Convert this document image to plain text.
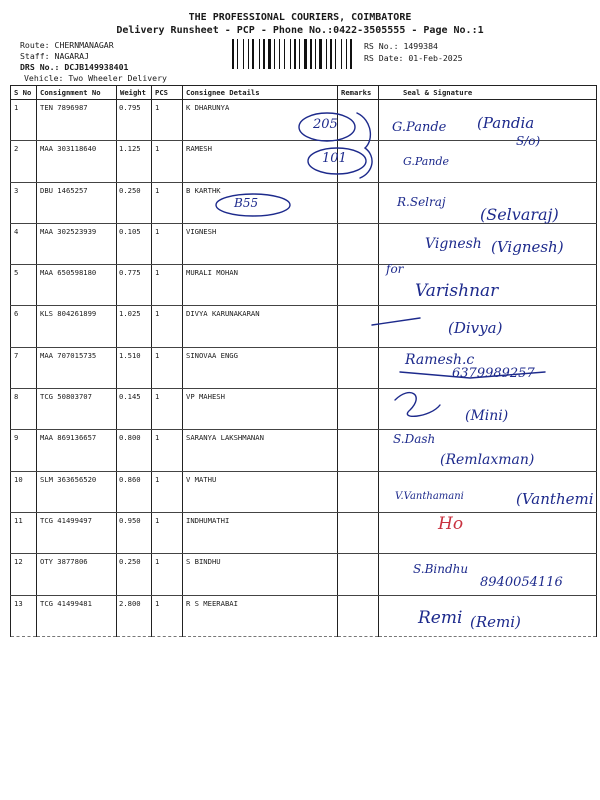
THE PROFESSIONAL COURIERS, COIMBATORE
Delivery Runsheet - PCP - Phone No.:0422-3505555 - Page No.:1
Route: CHERNMANAGAR
Staff: NAGARAJ
DRS No.: DCJB149938401
Vehicle: Two Wheeler Delivery
RS No.: 1499384
RS Date: 01-Feb-2025
S No	Consignment No	Weight	PCS	Consignee Details	Remarks	Seal & Signature
1	TEN 7896987	0.795	1	K DHARUNYA		
2	MAA 303118640	1.125	1	RAMESH		
3	DBU 1465257	0.250	1	B KARTHK		
4	MAA 302523939	0.105	1	VIGNESH		
5	MAA 650598180	0.775	1	MURALI MOHAN		
6	KLS 804261899	1.025	1	DIVYA KARUNAKARAN		
7	MAA 707015735	1.510	1	SINOVAA ENGG		
8	TCG 50803707	0.145	1	VP MAHESH		
9	MAA 869136657	0.800	1	SARANYA LAKSHMANAN		
10	SLM 363656520	0.860	1	V MATHU		
11	TCG 41499497	0.950	1	INDHUMATHI		
12	OTY 3877806	0.250	1	S BINDHU		
13	TCG 41499481	2.800	1	R S MEERABAI		
205
101
B55
G.Pande (Pandia
S/o)
G.Pande
R.Selraj
(Selvaraj)
Vignesh (Vignesh)
for
Varishnar
(Divya)
Ramesh.c
6379989257
(Mini)
S.Dash
(Remlaxman)
V.Vanthamani	(Vanthemi
Ho
S.Bindhu
8940054116
Remi (Remi)
